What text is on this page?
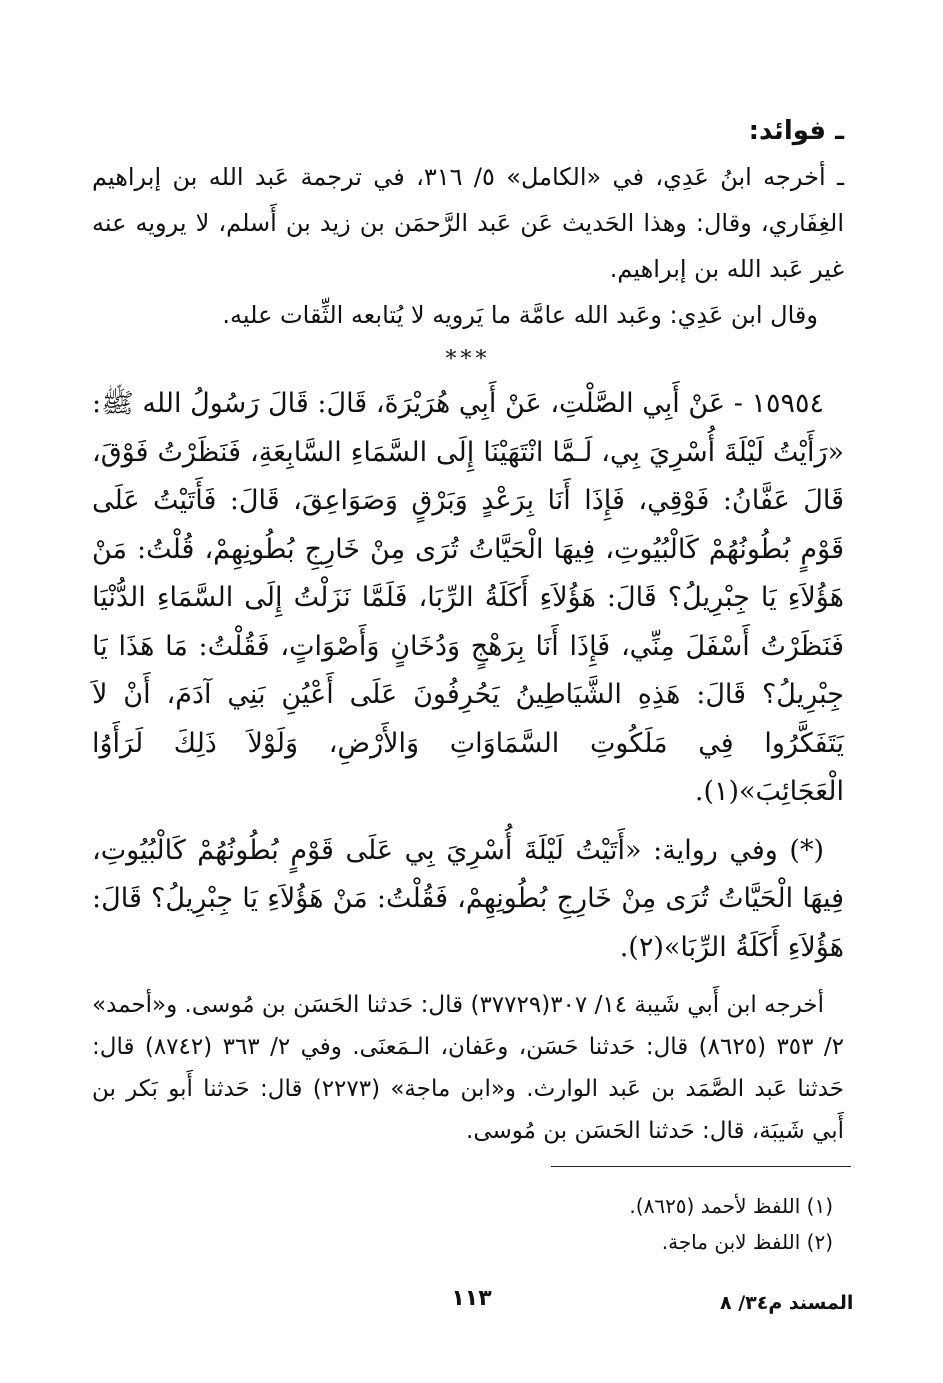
ـ فوائد:

ـ أخرجه ابنُ عَدِي، في «الكامل» ٥/ ٣١٦، في ترجمة عَبد الله بن إبراهيم الغِفَاري، وقال: وهذا الحَديث عَن عَبد الرَّحمَن بن زيد بن أَسلم، لا يرويه عنه غير عَبد الله بن إبراهيم.

وقال ابن عَدِي: وعَبد الله عامَّة ما يَرويه لا يُتابعه الثِّقات عليه.

***

١٥٩٥٤ - عَنْ أَبِي الصَّلْتِ، عَنْ أَبِي هُرَيْرَةَ، قَالَ: قَالَ رَسُولُ الله ﷺ: «رَأَيْتُ لَيْلَةَ أُسْرِيَ بِي، لَـمَّا انْتَهَيْنَا إِلَى السَّمَاءِ السَّابِعَةِ، فَنَظَرْتُ فَوْقَ، قَالَ عَفَّانُ: فَوْقِي، فَإِذَا أَنَا بِرَعْدٍ وَبَرْقٍ وَصَوَاعِقَ، قَالَ: فَأَتَيْتُ عَلَى قَوْمٍ بُطُونُهُمْ كَالْبُيُوتِ، فِيهَا الْحَيَّاتُ تُرَى مِنْ خَارِجِ بُطُونِهِمْ، قُلْتُ: مَنْ هَؤُلاَءِ يَا جِبْرِيلُ؟ قَالَ: هَؤُلاَءِ أَكَلَةُ الرِّبَا، فَلَمَّا نَزَلْتُ إِلَى السَّمَاءِ الدُّنْيَا فَنَظَرْتُ أَسْفَلَ مِنِّي، فَإِذَا أَنَا بِرَهْجٍ وَدُخَانٍ وَأَصْوَاتٍ، فَقُلْتُ: مَا هَذَا يَا جِبْرِيلُ؟ قَالَ: هَذِهِ الشَّيَاطِينُ يَحُرِفُونَ عَلَى أَعْيُنِ بَنِي آدَمَ، أَنْ لاَ يَتَفَكَّرُوا فِي مَلَكُوتِ السَّمَاوَاتِ وَالأَرْضِ، وَلَوْلاَ ذَلِكَ لَرَأَوُا الْعَجَائِبَ»(١).

(*) وفي رواية: «أَتَيْتُ لَيْلَةَ أُسْرِيَ بِي عَلَى قَوْمٍ بُطُونُهُمْ كَالْبُيُوتِ، فِيهَا الْحَيَّاتُ تُرَى مِنْ خَارِجِ بُطُونِهِمْ، فَقُلْتُ: مَنْ هَؤُلاَءِ يَا جِبْرِيلُ؟ قَالَ: هَؤُلاَءِ أَكَلَةُ الرِّبَا»(٢).

أخرجه ابن أَبي شَيبة ١٤/ ٣٠٧(٣٧٧٢٩) قال: حَدثنا الحَسَن بن مُوسى. و«أحمد» ٢/ ٣٥٣ (٨٦٢٥) قال: حَدثنا حَسَن، وعَفان، الـمَعنَى. وفي ٢/ ٣٦٣ (٨٧٤٢) قال: حَدثنا عَبد الصَّمَد بن عَبد الوارث. و«ابن ماجة» (٢٢٧٣) قال: حَدثنا أَبو بَكر بن أَبي شَيبَة، قال: حَدثنا الحَسَن بن مُوسى.

(١) اللفظ لأحمد (٨٦٢٥).

(٢) اللفظ لابن ماجة.

١١٣	المسند م٣٤/ ٨
